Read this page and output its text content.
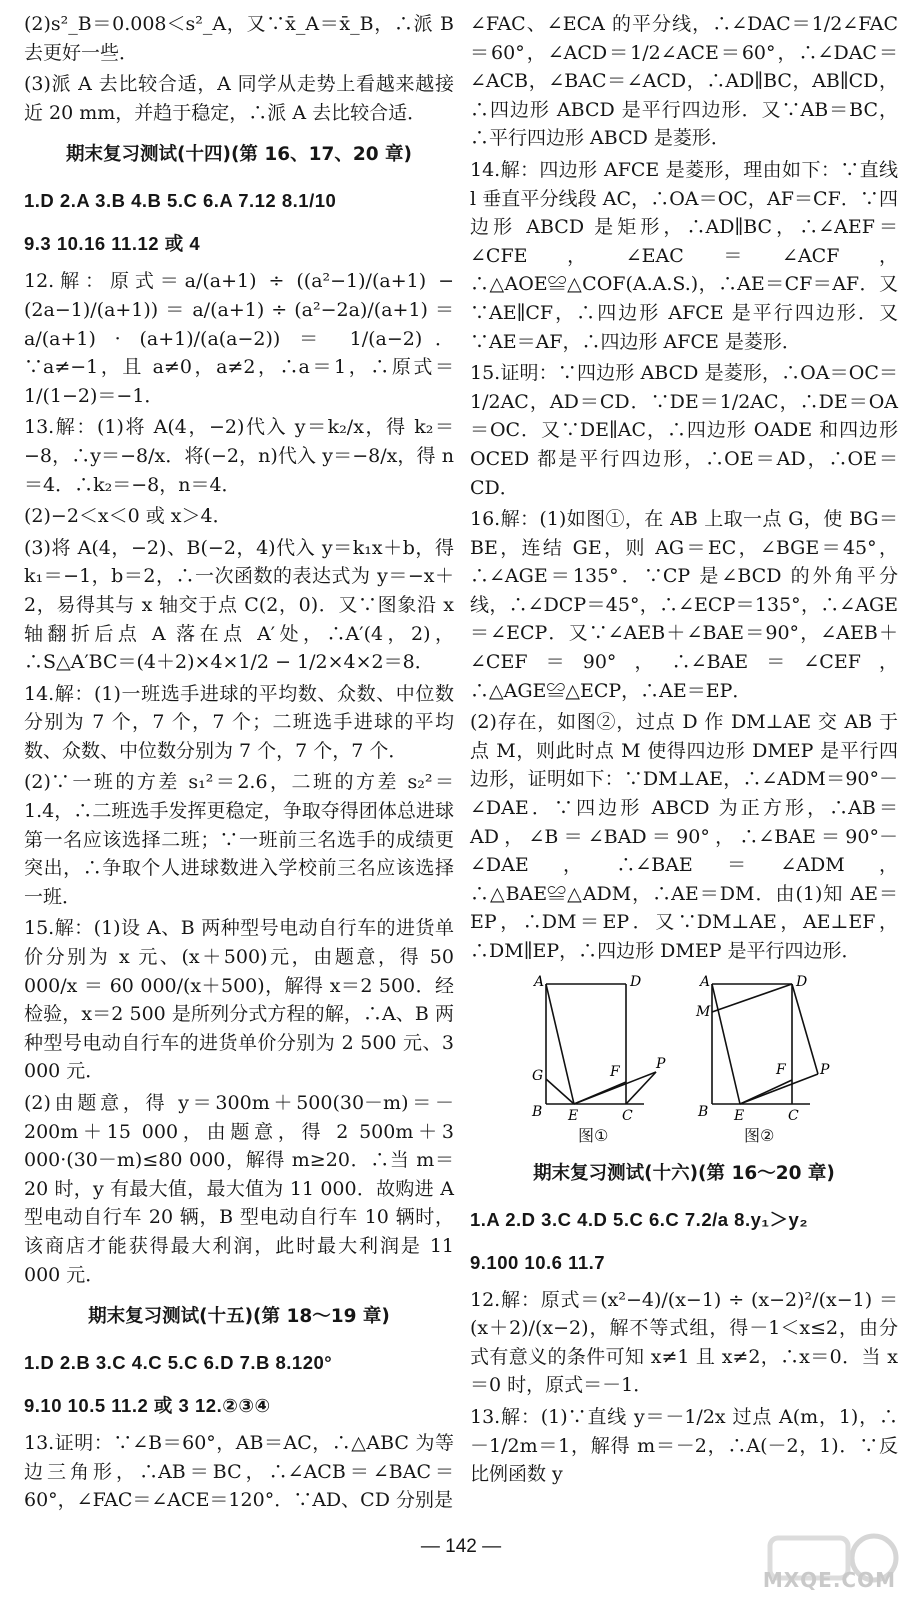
(2)s²_B＝0.008＜s²_A，又∵x̄_A＝x̄_B，∴派 B 去更好一些．

(3)派 A 去比较合适，A 同学从走势上看越来越接近 20 mm，并趋于稳定，∴派 A 去比较合适．

期末复习测试(十四)(第 16、17、20 章)

1.D 2.A 3.B 4.B 5.C 6.A 7.12 8.1/10

9.3 10.16 11.12 或 4

12.解：原式＝a/(a+1) ÷ ((a²−1)/(a+1) − (2a−1)/(a+1)) ＝ a/(a+1) ÷ (a²−2a)/(a+1) ＝ a/(a+1) · (a+1)/(a(a−2)) ＝ 1/(a−2)．∵a≠−1，且 a≠0，a≠2，∴a＝1，∴原式＝1/(1−2)＝−1．

13.解：(1)将 A(4，−2)代入 y＝k₂/x，得 k₂＝−8，∴y＝−8/x．将(−2，n)代入 y＝−8/x，得 n＝4．∴k₂＝−8，n＝4．

(2)−2＜x＜0 或 x＞4．

(3)将 A(4，−2)、B(−2，4)代入 y＝k₁x＋b，得 k₁＝−1，b＝2，∴一次函数的表达式为 y＝−x＋2，易得其与 x 轴交于点 C(2，0)．又∵图象沿 x 轴翻折后点 A 落在点 A′处，∴A′(4，2)，∴S△A′BC＝(4＋2)×4×1/2 − 1/2×4×2＝8．

14.解：(1)一班选手进球的平均数、众数、中位数分别为 7 个，7 个，7 个；二班选手进球的平均数、众数、中位数分别为 7 个，7 个，7 个．

(2)∵一班的方差 s₁²＝2.6，二班的方差 s₂²＝1.4，∴二班选手发挥更稳定，争取夺得团体总进球第一名应该选择二班；∵一班前三名选手的成绩更突出，∴争取个人进球数进入学校前三名应该选择一班．

15.解：(1)设 A、B 两种型号电动自行车的进货单价分别为 x 元、(x＋500)元，由题意，得 50 000/x ＝ 60 000/(x＋500)，解得 x＝2 500．经检验，x＝2 500 是所列分式方程的解，∴A、B 两种型号电动自行车的进货单价分别为 2 500 元、3 000 元．

(2)由题意，得 y＝300m＋500(30－m)＝－200m＋15 000，由题意，得 2 500m＋3 000·(30－m)≤80 000，解得 m≥20．∴当 m＝20 时，y 有最大值，最大值为 11 000．故购进 A 型电动自行车 20 辆，B 型电动自行车 10 辆时，该商店才能获得最大利润，此时最大利润是 11 000 元．

期末复习测试(十五)(第 18～19 章)

1.D 2.B 3.C 4.C 5.C 6.D 7.B 8.120°

9.10 10.5 11.2 或 3 12.②③④

13.证明：∵∠B＝60°，AB＝AC，∴△ABC 为等边三角形，∴AB＝BC，∴∠ACB＝∠BAC＝60°，∠FAC＝∠ACE＝120°．∵AD、CD 分别是

∠FAC、∠ECA 的平分线，∴∠DAC＝1/2∠FAC＝60°，∠ACD＝1/2∠ACE＝60°，∴∠DAC＝∠ACB，∠BAC＝∠ACD，∴AD∥BC，AB∥CD，∴四边形 ABCD 是平行四边形．又∵AB＝BC，∴平行四边形 ABCD 是菱形．

14.解：四边形 AFCE 是菱形，理由如下：∵直线 l 垂直平分线段 AC，∴OA＝OC，AF＝CF．∵四边形 ABCD 是矩形，∴AD∥BC，∴∠AEF＝∠CFE，∠EAC＝∠ACF，∴△AOE≌△COF(A.A.S.)，∴AE＝CF＝AF．又∵AE∥CF，∴四边形 AFCE 是平行四边形．又∵AE＝AF，∴四边形 AFCE 是菱形．

15.证明：∵四边形 ABCD 是菱形，∴OA＝OC＝1/2AC，AD＝CD．∵DE＝1/2AC，∴DE＝OA＝OC．又∵DE∥AC，∴四边形 OADE 和四边形 OCED 都是平行四边形，∴OE＝AD，∴OE＝CD．

16.解：(1)如图①，在 AB 上取一点 G，使 BG＝BE，连结 GE，则 AG＝EC，∠BGE＝45°，∴∠AGE＝135°．∵CP 是∠BCD 的外角平分线，∴∠DCP＝45°，∴∠ECP＝135°，∴∠AGE＝∠ECP．又∵∠AEB＋∠BAE＝90°，∠AEB＋∠CEF＝90°，∴∠BAE＝∠CEF，∴△AGE≌△ECP，∴AE＝EP．

(2)存在，如图②，过点 D 作 DM⊥AE 交 AB 于点 M，则此时点 M 使得四边形 DMEP 是平行四边形，证明如下：∵DM⊥AE，∴∠ADM＝90°－∠DAE．∵四边形 ABCD 为正方形，∴AB＝AD，∠B＝∠BAD＝90°，∴∠BAE＝90°－∠DAE，∴∠BAE＝∠ADM，∴△BAE≌△ADM，∴AE＝DM．由(1)知 AE＝EP，∴DM＝EP．又∵DM⊥AE，AE⊥EF，∴DM∥EP，∴四边形 DMEP 是平行四边形．

A	D
G	F	P
B E	C
A	D
M
F P
B E	C
图①	图②

期末复习测试(十六)(第 16～20 章)

1.A 2.D 3.C 4.D 5.C 6.C 7.2/a 8.y₁＞y₂

9.100 10.6 11.7

12.解：原式＝(x²−4)/(x−1) ÷ (x−2)²/(x−1) ＝ (x＋2)/(x−2)，解不等式组，得－1＜x≤2，由分式有意义的条件可知 x≠1 且 x≠2，∴x＝0．当 x＝0 时，原式＝－1．

13.解：(1)∵直线 y＝－1/2x 过点 A(m，1)，∴－1/2m＝1，解得 m＝－2，∴A(－2，1)．∵反比例函数 y

— 142 —
MXQE.COM
